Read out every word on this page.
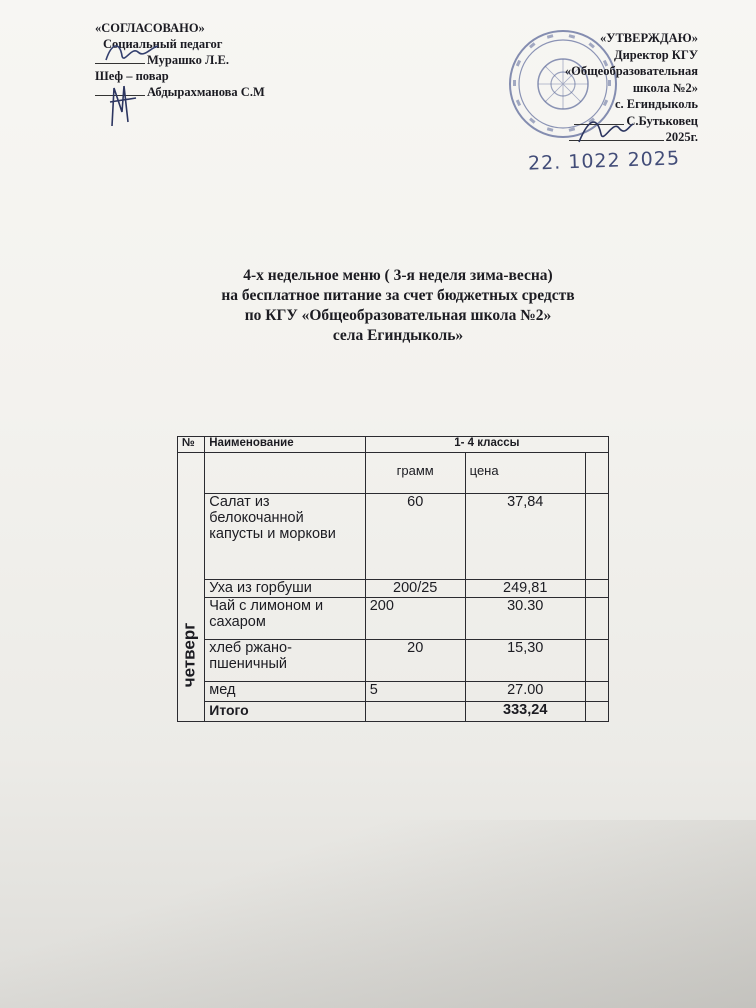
«СОГЛАСОВАНО»
Социальный педагог
Мурашко Л.Е.
Шеф – повар
Абдырахманова С.М
«УТВЕРЖДАЮ»
Директор КГУ
«Общеобразовательная
школа №2»
с. Егиндыколь
С.Бутьковец
2025г.
22. 1022 2025
4-х недельное меню ( 3-я неделя зима-весна)
на бесплатное питание за счет бюджетных средств
по КГУ «Общеобразовательная школа №2»
села Егиндыколь»
№	Наименование	1- 4 классы		

четверг		грамм	цена	
	Салат из белокочанной капусты и моркови	60	37,84	
	Уха из горбуши	200/25	249,81	
	Чай с лимоном и сахаром	200	30.30	
	хлеб ржано-пшеничный	20	15,30	
	мед	5	27.00	
	Итого		333,24	
